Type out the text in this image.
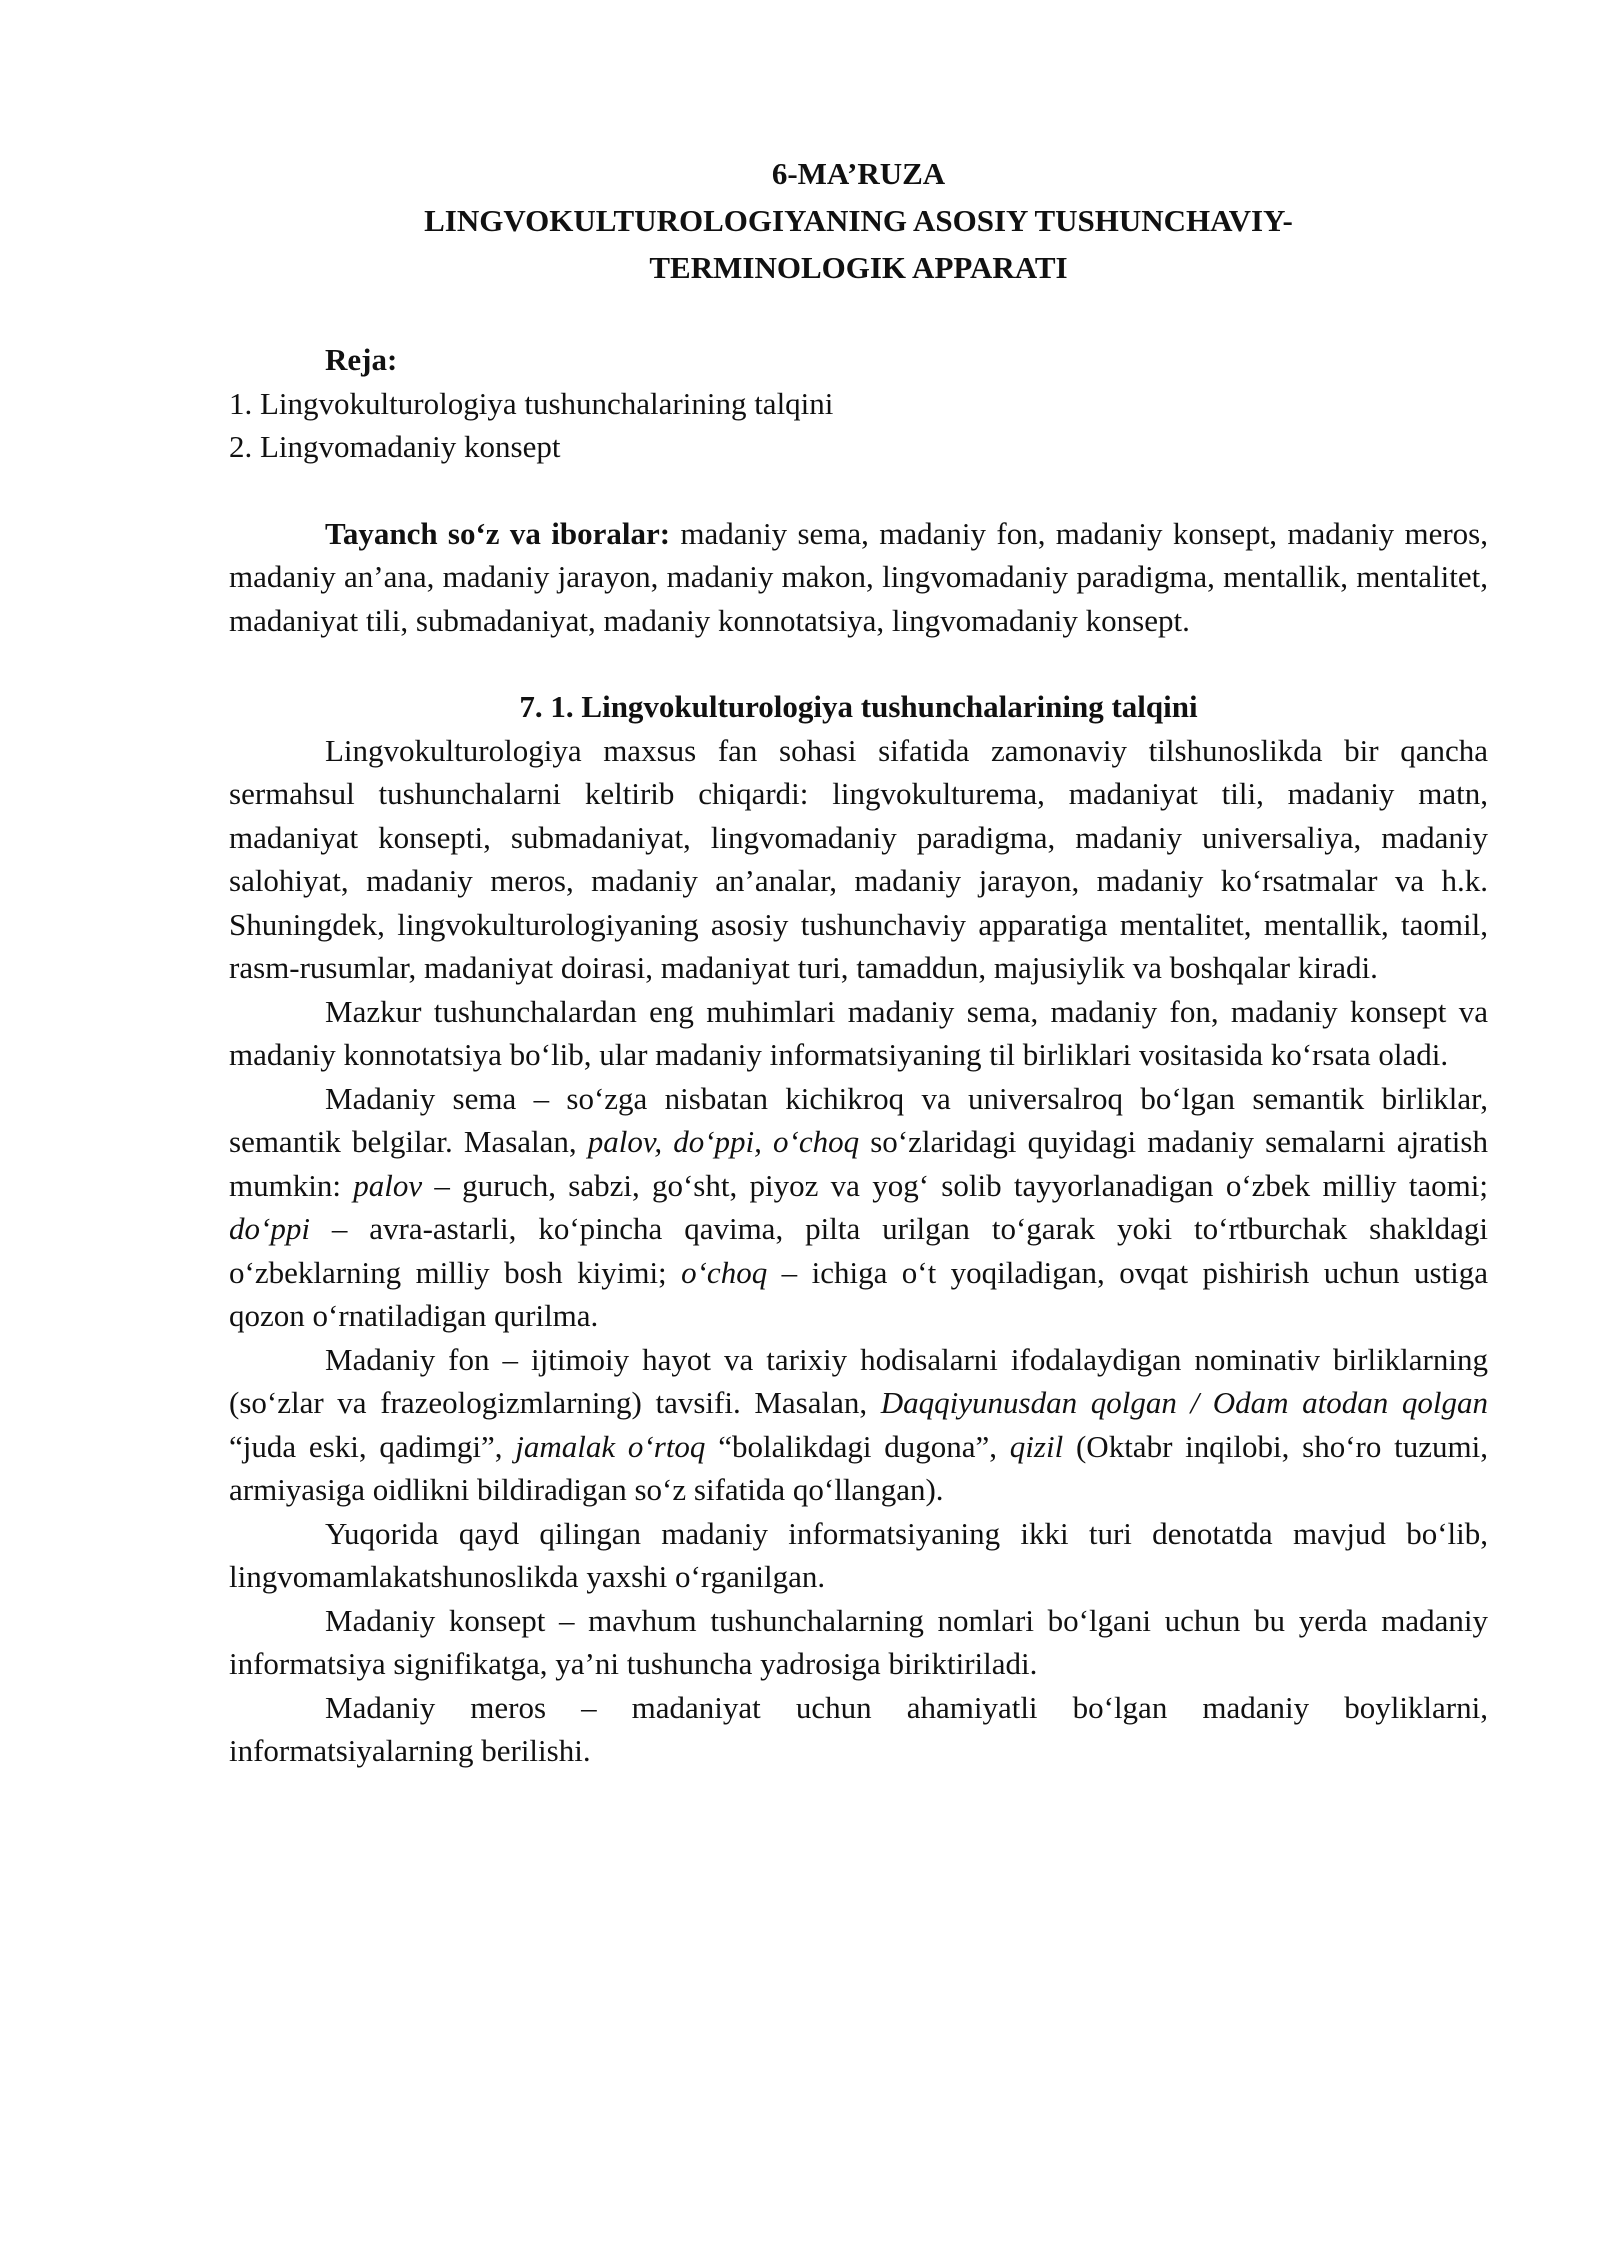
6-MA’RUZA
LINGVOKULTUROLOGIYANING ASOSIY TUSHUNCHAVIY-
TERMINOLOGIK APPARATI
Reja:
1. Lingvokulturologiya tushunchalarining talqini
2. Lingvomadaniy konsept

Tayanch so‘z va iboralar: madaniy sema, madaniy fon, madaniy konsept, madaniy meros, madaniy an’ana, madaniy jarayon, madaniy makon, lingvomadaniy paradigma, mentallik, mentalitet, madaniyat tili, submadaniyat, madaniy konnotatsiya, lingvomadaniy konsept.

7. 1. Lingvokulturologiya tushunchalarining talqini

Lingvokulturologiya maxsus fan sohasi sifatida zamonaviy tilshunoslikda bir qancha sermahsul tushunchalarni keltirib chiqardi: lingvokulturema, madaniyat tili, madaniy matn, madaniyat konsepti, submadaniyat, lingvomadaniy paradigma, madaniy universaliya, madaniy salohiyat, madaniy meros, madaniy an’analar, madaniy jarayon, madaniy ko‘rsatmalar va h.k. Shuningdek, lingvokulturologiyaning asosiy tushunchaviy apparatiga mentalitet, mentallik, taomil, rasm-rusumlar, madaniyat doirasi, madaniyat turi, tamaddun, majusiylik va boshqalar kiradi.

Mazkur tushunchalardan eng muhimlari madaniy sema, madaniy fon, madaniy konsept va madaniy konnotatsiya bo‘lib, ular madaniy informatsiyaning til birliklari vositasida ko‘rsata oladi.

Madaniy sema – so‘zga nisbatan kichikroq va universalroq bo‘lgan semantik birliklar, semantik belgilar. Masalan, palov, do‘ppi, o‘choq so‘zlaridagi quyidagi madaniy semalarni ajratish mumkin: palov – guruch, sabzi, go‘sht, piyoz va yog‘ solib tayyorlanadigan o‘zbek milliy taomi; do‘ppi – avra-astarli, ko‘pincha qavima, pilta urilgan to‘garak yoki to‘rtburchak shakldagi o‘zbeklarning milliy bosh kiyimi; o‘choq – ichiga o‘t yoqiladigan, ovqat pishirish uchun ustiga qozon o‘rnatiladigan qurilma.

Madaniy fon – ijtimoiy hayot va tarixiy hodisalarni ifodalaydigan nominativ birliklarning (so‘zlar va frazeologizmlarning) tavsifi. Masalan, Daqqiyunusdan qolgan / Odam atodan qolgan “juda eski, qadimgi”, jamalak o‘rtoq “bolalikdagi dugona”, qizil (Oktabr inqilobi, sho‘ro tuzumi, armiyasiga oidlikni bildiradigan so‘z sifatida qo‘llangan).

Yuqorida qayd qilingan madaniy informatsiyaning ikki turi denotatda mavjud bo‘lib, lingvomamlakatshunoslikda yaxshi o‘rganilgan.

Madaniy konsept – mavhum tushunchalarning nomlari bo‘lgani uchun bu yerda madaniy informatsiya signifikatga, ya’ni tushuncha yadrosiga biriktiriladi.

Madaniy meros – madaniyat uchun ahamiyatli bo‘lgan madaniy boyliklarni, informatsiyalarning berilishi.
